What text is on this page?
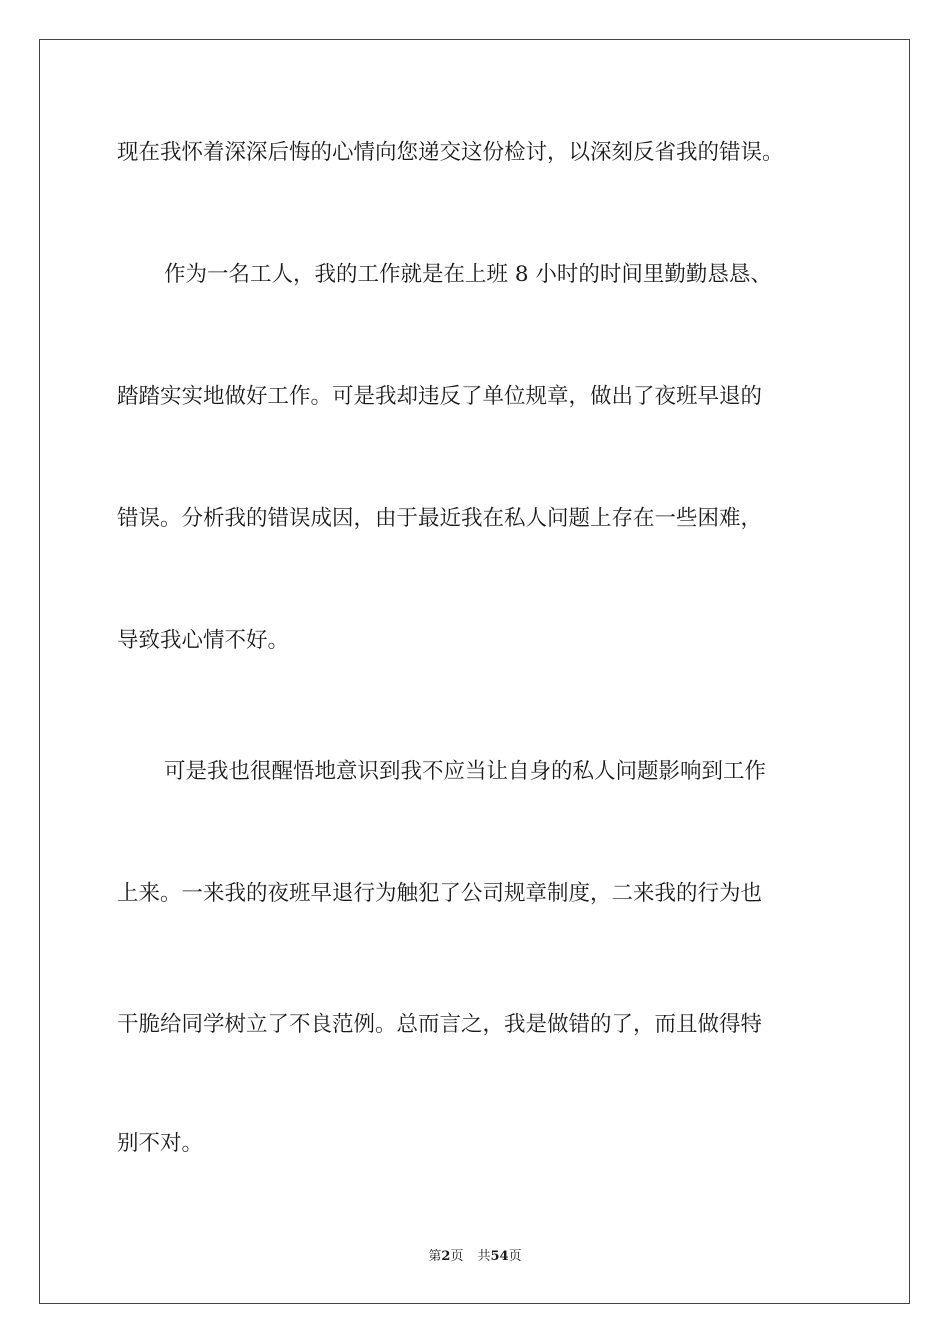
现在我怀着深深后悔的心情向您递交这份检讨，以深刻反省我的错误。

作为一名工人，我的工作就是在上班 8 小时的时间里勤勤恳恳、

踏踏实实地做好工作。可是我却违反了单位规章，做出了夜班早退的

错误。分析我的错误成因，由于最近我在私人问题上存在一些困难，

导致我心情不好。

可是我也很醒悟地意识到我不应当让自身的私人问题影响到工作

上来。一来我的夜班早退行为触犯了公司规章制度，二来我的行为也

干脆给同学树立了不良范例。总而言之，我是做错的了，而且做得特

别不对。

第2页 共54页
